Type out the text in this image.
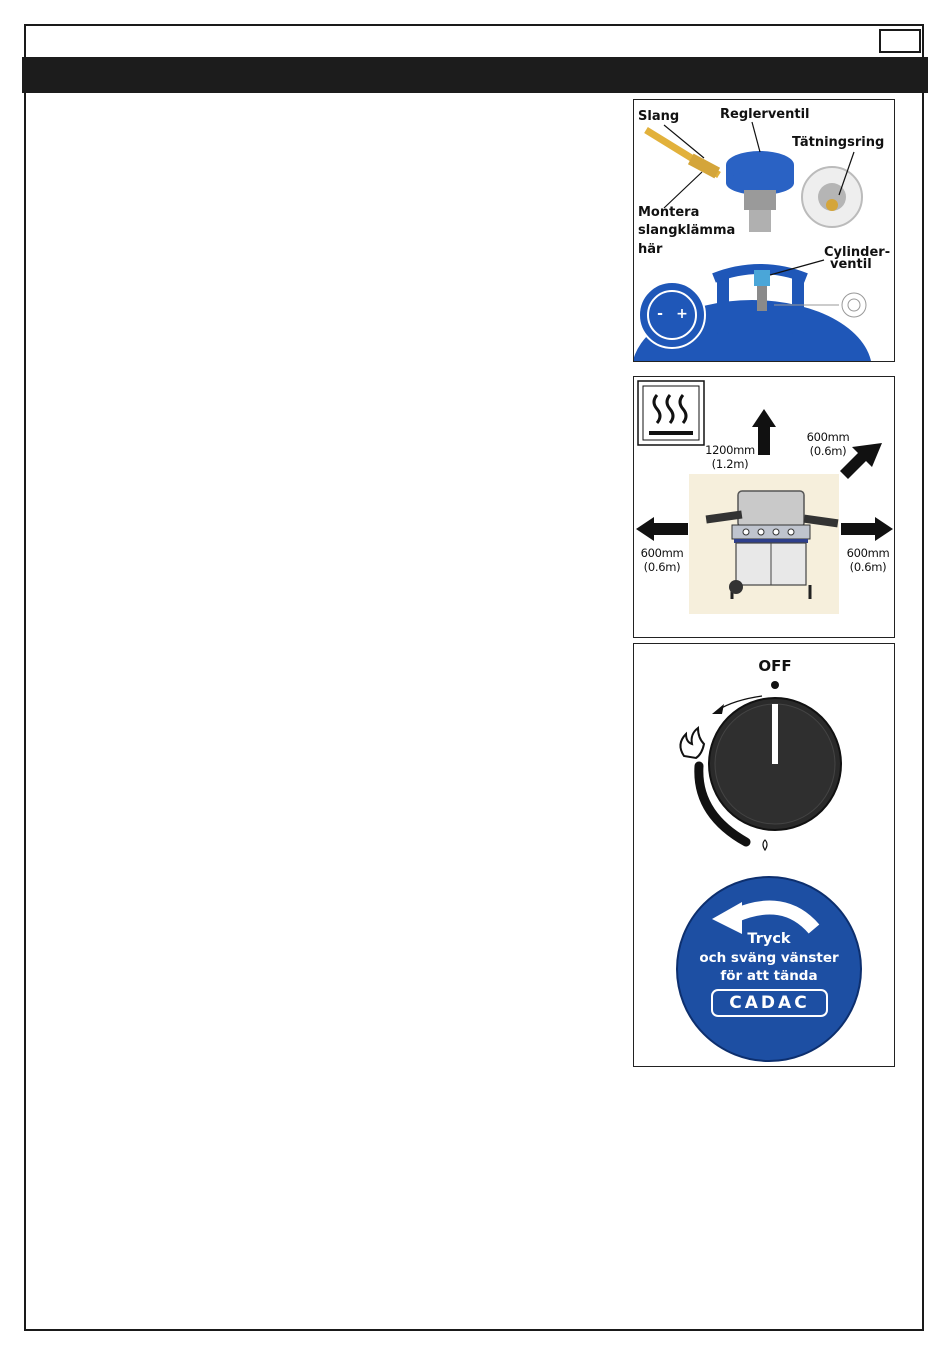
Slang	Reglerventil
Tätningsring
Montera
slangklämma
här	Cylinder-
ventil
- +
1200mm
(1.2m)
600mm
(0.6m)
600mm
(0.6m)
600mm
(0.6m)
OFF
Tryck
och sväng vänster
för att tända
CADAC
